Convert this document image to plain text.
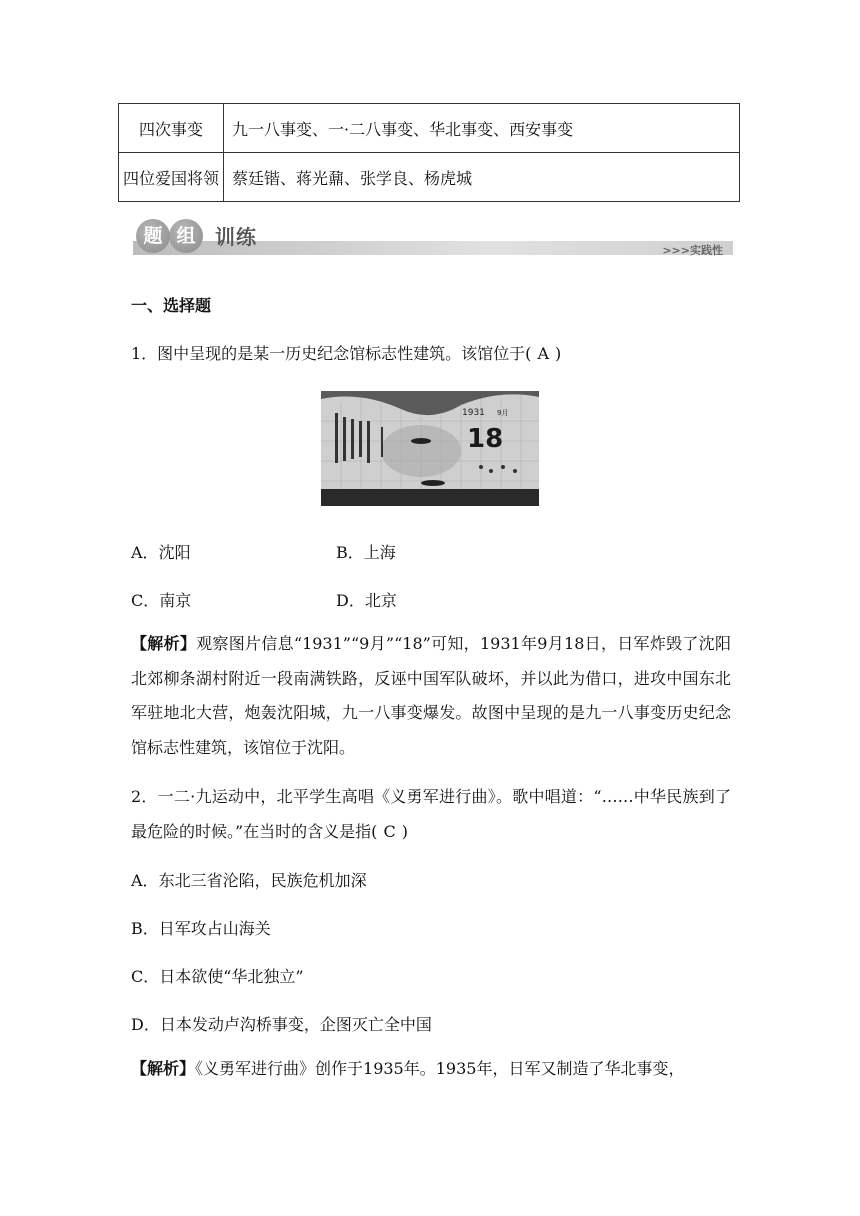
四次事变	九一八事变、一·二八事变、华北事变、西安事变
四位爱国将领	蔡廷锴、蒋光鼐、张学良、杨虎城
题 组 训练
>>>实践性
一、选择题
1．图中呈现的是某一历史纪念馆标志性建筑。该馆位于( A )
1931 9月
18
A．沈阳	B．上海
C．南京	D．北京
【解析】观察图片信息“1931”“9月”“18”可知，1931年9月18日，日军炸毁了沈阳北郊柳条湖村附近一段南满铁路，反诬中国军队破坏，并以此为借口，进攻中国东北军驻地北大营，炮轰沈阳城，九一八事变爆发。故图中呈现的是九一八事变历史纪念馆标志性建筑，该馆位于沈阳。
2．一二·九运动中，北平学生高唱《义勇军进行曲》。歌中唱道：“……中华民族到了最危险的时候。”在当时的含义是指( C )
A．东北三省沦陷，民族危机加深
B．日军攻占山海关
C．日本欲使“华北独立”
D．日本发动卢沟桥事变，企图灭亡全中国
【解析】《义勇军进行曲》创作于1935年。1935年，日军又制造了华北事变，
